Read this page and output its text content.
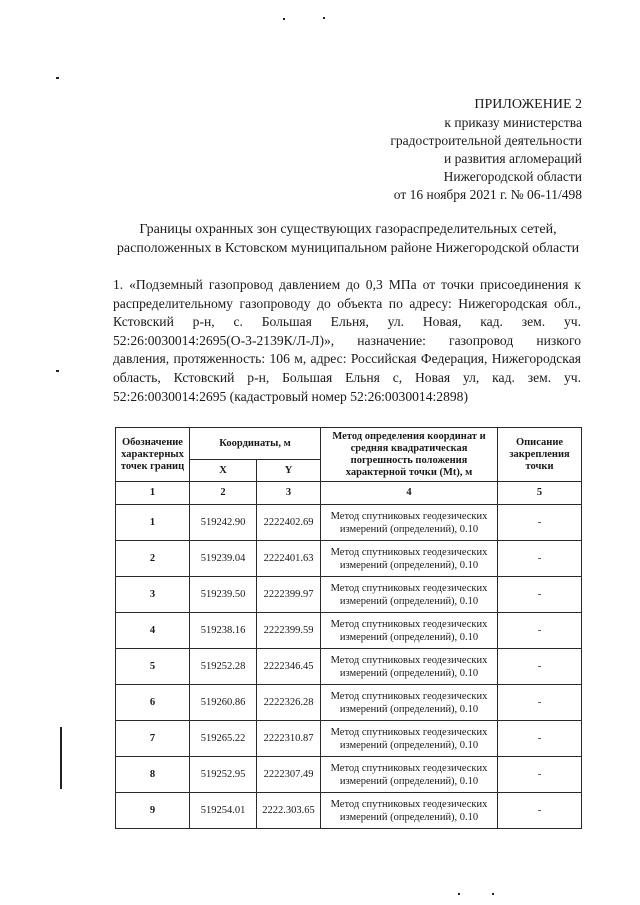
ПРИЛОЖЕНИЕ 2
к приказу министерства
градостроительной деятельности
и развития агломераций
Нижегородской области
от 16 ноября 2021 г. № 06-11/498
Границы охранных зон существующих газораспределительных сетей,
расположенных в Кстовском муниципальном районе Нижегородской области
1. «Подземный газопровод давлением до 0,3 МПа от точки присоединения к распределительному газопроводу до объекта по адресу: Нижегородская обл., Кстовский р-н, с. Большая Ельня, ул. Новая, кад. зем. уч. 52:26:0030014:2695(О-3-2139К/Л-Л)», назначение: газопровод низкого давления, протяженность: 106 м, адрес: Российская Федерация, Нижегородская область, Кстовский р-н, Большая Ельня с, Новая ул, кад. зем. уч. 52:26:0030014:2695 (кадастровый номер 52:26:0030014:2898)
Обозначение характерных точек границ	Координаты, м		Метод определения координат и средняя квадратическая погрешность положения характерной точки (Mt), м	Описание закрепления точки
	X	Y		
1	2	3	4	5
1	519242.90	2222402.69	Метод спутниковых геодезических измерений (определений), 0.10	-
2	519239.04	2222401.63	Метод спутниковых геодезических измерений (определений), 0.10	-
3	519239.50	2222399.97	Метод спутниковых геодезических измерений (определений), 0.10	-
4	519238.16	2222399.59	Метод спутниковых геодезических измерений (определений), 0.10	-
5	519252.28	2222346.45	Метод спутниковых геодезических измерений (определений), 0.10	-
6	519260.86	2222326.28	Метод спутниковых геодезических измерений (определений), 0.10	-
7	519265.22	2222310.87	Метод спутниковых геодезических измерений (определений), 0.10	-
8	519252.95	2222307.49	Метод спутниковых геодезических измерений (определений), 0.10	-
9	519254.01	2222.303.65	Метод спутниковых геодезических измерений (определений), 0.10	-
